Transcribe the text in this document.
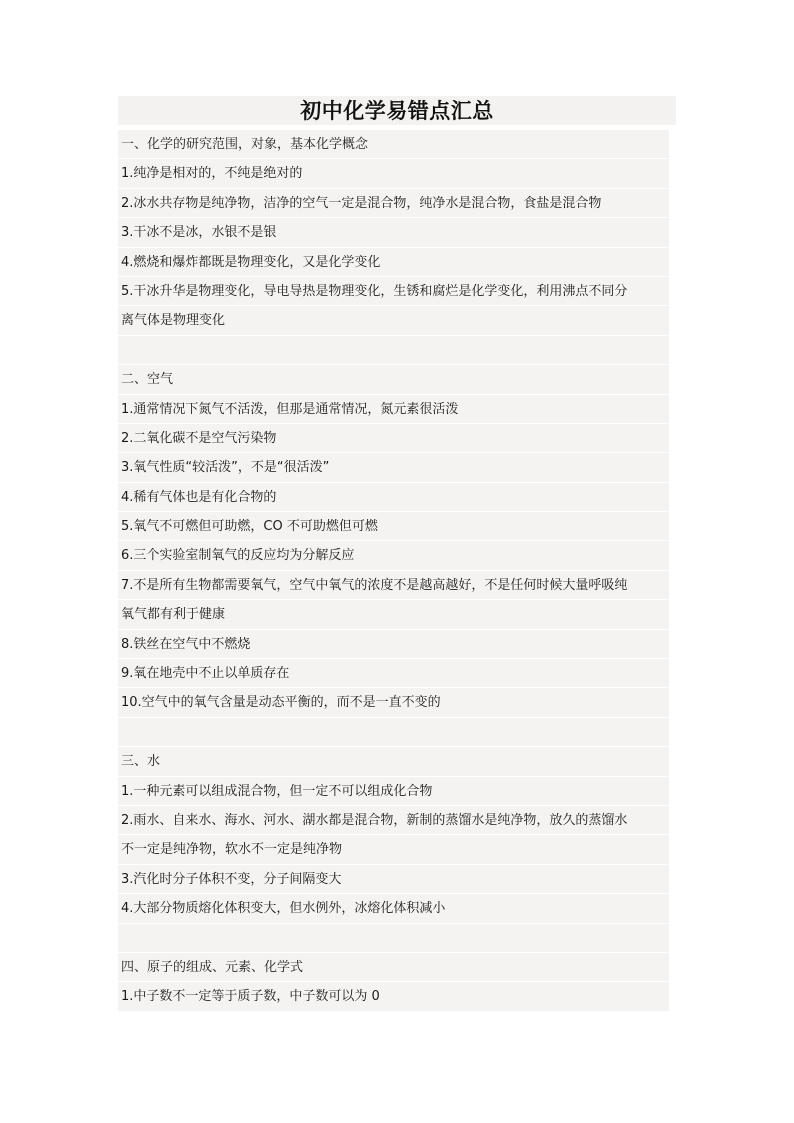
初中化学易错点汇总
一、化学的研究范围，对象，基本化学概念
1.纯净是相对的，不纯是绝对的
2.冰水共存物是纯净物，洁净的空气一定是混合物，纯净水是混合物，食盐是混合物
3.干冰不是冰，水银不是银
4.燃烧和爆炸都既是物理变化，又是化学变化
5.干冰升华是物理变化，导电导热是物理变化，生锈和腐烂是化学变化，利用沸点不同分
离气体是物理变化
二、空气
1.通常情况下氮气不活泼，但那是通常情况，氮元素很活泼
2.二氧化碳不是空气污染物
3.氧气性质“较活泼”，不是“很活泼”
4.稀有气体也是有化合物的
5.氧气不可燃但可助燃，CO 不可助燃但可燃
6.三个实验室制氧气的反应均为分解反应
7.不是所有生物都需要氧气，空气中氧气的浓度不是越高越好，不是任何时候大量呼吸纯
氧气都有利于健康
8.铁丝在空气中不燃烧
9.氧在地壳中不止以单质存在
10.空气中的氧气含量是动态平衡的，而不是一直不变的
三、水
1.一种元素可以组成混合物，但一定不可以组成化合物
2.雨水、自来水、海水、河水、湖水都是混合物，新制的蒸馏水是纯净物，放久的蒸馏水
不一定是纯净物，软水不一定是纯净物
3.汽化时分子体积不变，分子间隔变大
4.大部分物质熔化体积变大，但水例外，冰熔化体积减小
四、原子的组成、元素、化学式
1.中子数不一定等于质子数，中子数可以为 0
